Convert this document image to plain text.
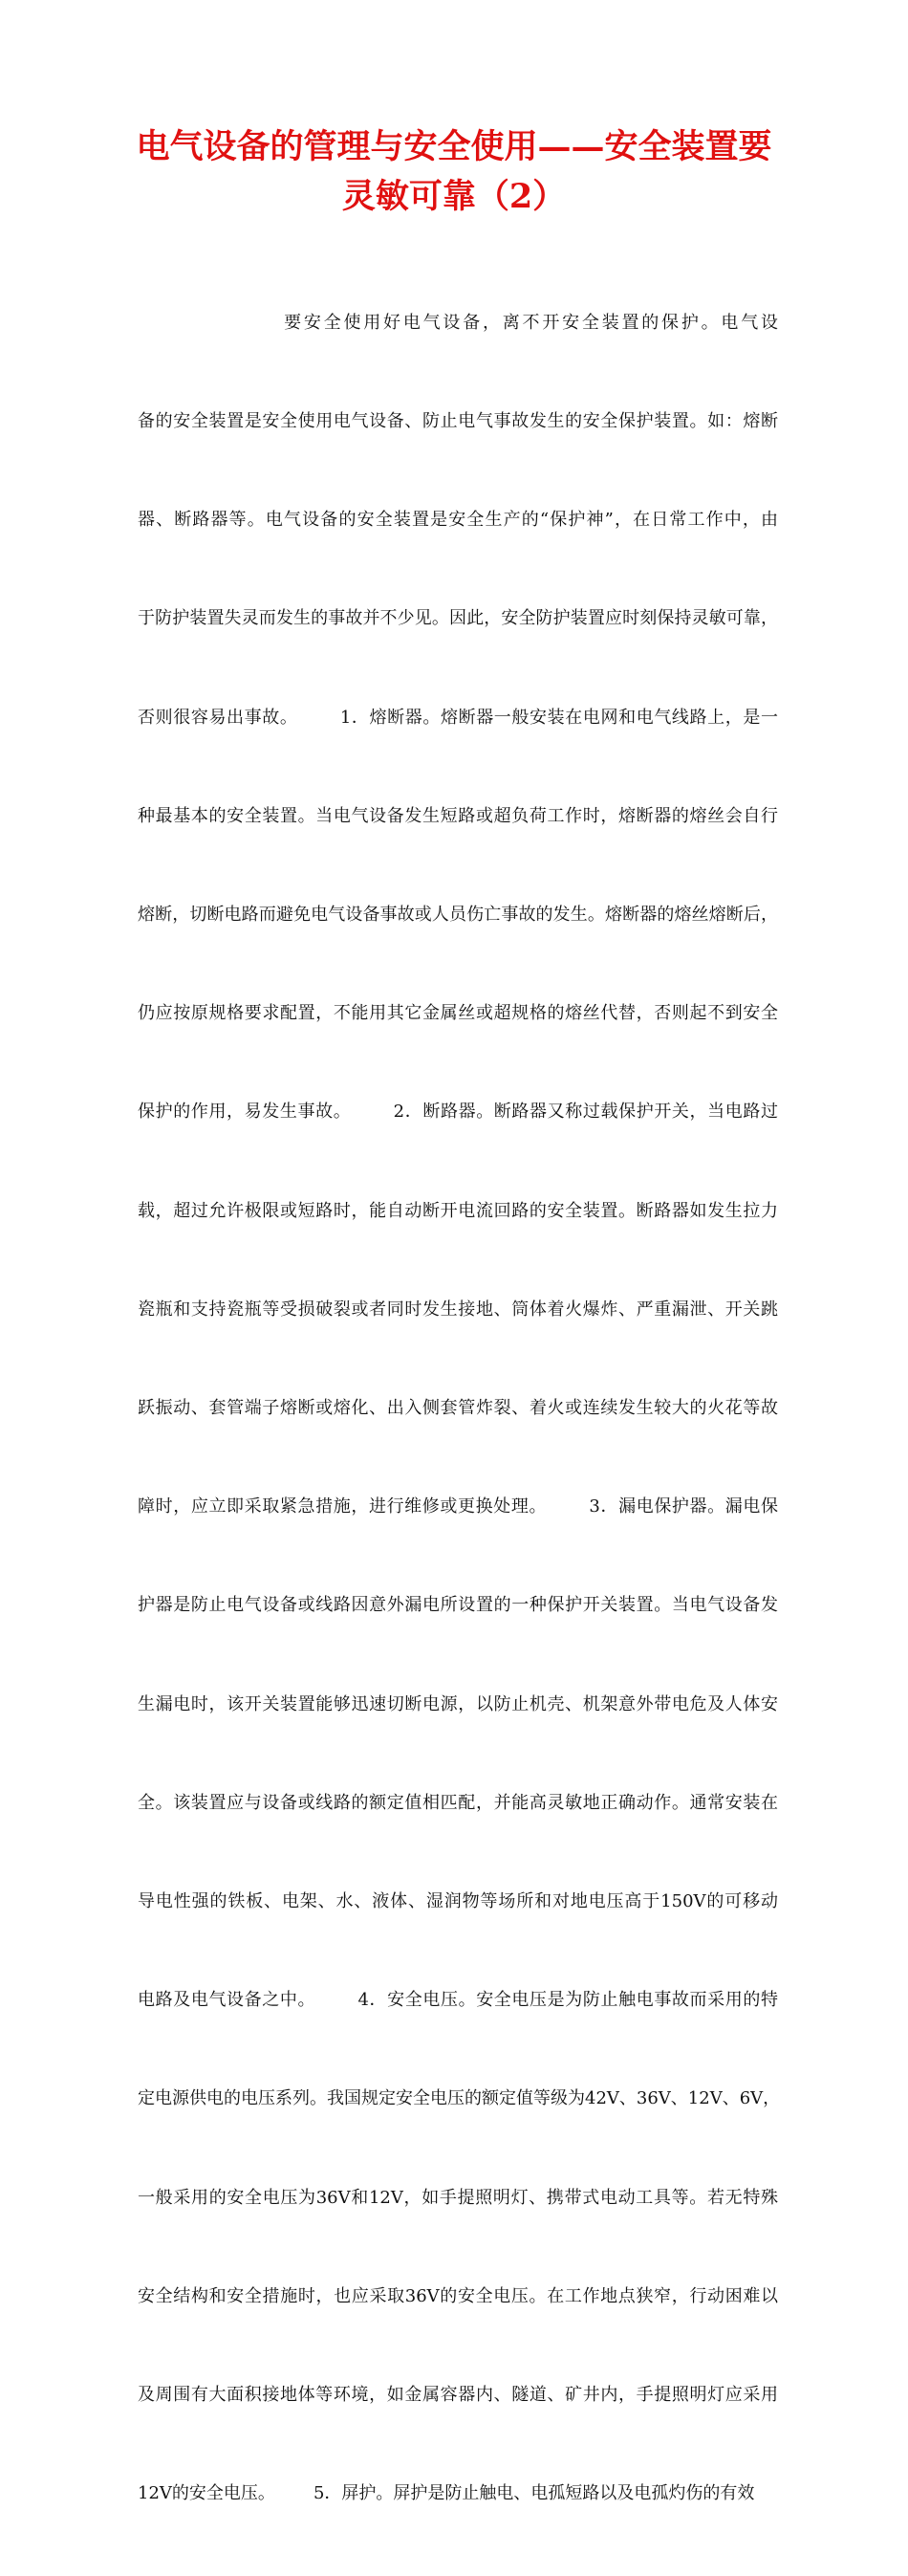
电气设备的管理与安全使用——安全装置要
灵敏可靠（2）

要安全使用好电气设备，离不开安全装置的保护。电气设

备的安全装置是安全使用电气设备、防止电气事故发生的安全保护装置。如：熔断

器、断路器等。电气设备的安全装置是安全生产的“保护神”，在日常工作中，由

于防护装置失灵而发生的事故并不少见。因此，安全防护装置应时刻保持灵敏可靠，

否则很容易出事故。       1．熔断器。熔断器一般安装在电网和电气线路上，是一

种最基本的安全装置。当电气设备发生短路或超负荷工作时，熔断器的熔丝会自行

熔断，切断电路而避免电气设备事故或人员伤亡事故的发生。熔断器的熔丝熔断后，

仍应按原规格要求配置，不能用其它金属丝或超规格的熔丝代替，否则起不到安全

保护的作用，易发生事故。       2．断路器。断路器又称过载保护开关，当电路过

载，超过允许极限或短路时，能自动断开电流回路的安全装置。断路器如发生拉力

瓷瓶和支持瓷瓶等受损破裂或者同时发生接地、筒体着火爆炸、严重漏泄、开关跳

跃振动、套管端子熔断或熔化、出入侧套管炸裂、着火或连续发生较大的火花等故

障时，应立即采取紧急措施，进行维修或更换处理。       3．漏电保护器。漏电保

护器是防止电气设备或线路因意外漏电所设置的一种保护开关装置。当电气设备发

生漏电时，该开关装置能够迅速切断电源，以防止机壳、机架意外带电危及人体安

全。该装置应与设备或线路的额定值相匹配，并能高灵敏地正确动作。通常安装在

导电性强的铁板、电架、水、液体、湿润物等场所和对地电压高于150V的可移动

电路及电气设备之中。       4．安全电压。安全电压是为防止触电事故而采用的特

定电源供电的电压系列。我国规定安全电压的额定值等级为42V、36V、12V、6V，

一般采用的安全电压为36V和12V，如手提照明灯、携带式电动工具等。若无特殊

安全结构和安全措施时，也应采取36V的安全电压。在工作地点狭窄，行动困难以

及周围有大面积接地体等环境，如金属容器内、隧道、矿井内，手提照明灯应采用

12V的安全电压。       5．屏护。屏护是防止触电、电孤短路以及电孤灼伤的有效
